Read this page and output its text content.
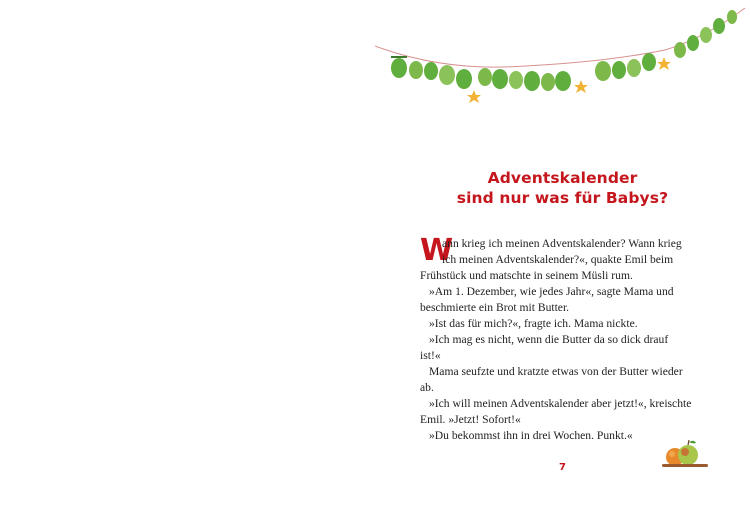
Adventskalender
sind nur was für Babys?
W
ann krieg ich meinen Adventskalender? Wann krieg
ich meinen Adventskalender?«, quakte Emil beim
Frühstück und matschte in seinem Müsli rum.
»Am 1. Dezember, wie jedes Jahr«, sagte Mama und
beschmierte ein Brot mit Butter.
»Ist das für mich?«, fragte ich. Mama nickte.
»Ich mag es nicht, wenn die Butter da so dick drauf
ist!«
Mama seufzte und kratzte etwas von der Butter wieder
ab.
»Ich will meinen Adventskalender aber jetzt!«, kreischte
Emil. »Jetzt! Sofort!«
»Du bekommst ihn in drei Wochen. Punkt.«
7
